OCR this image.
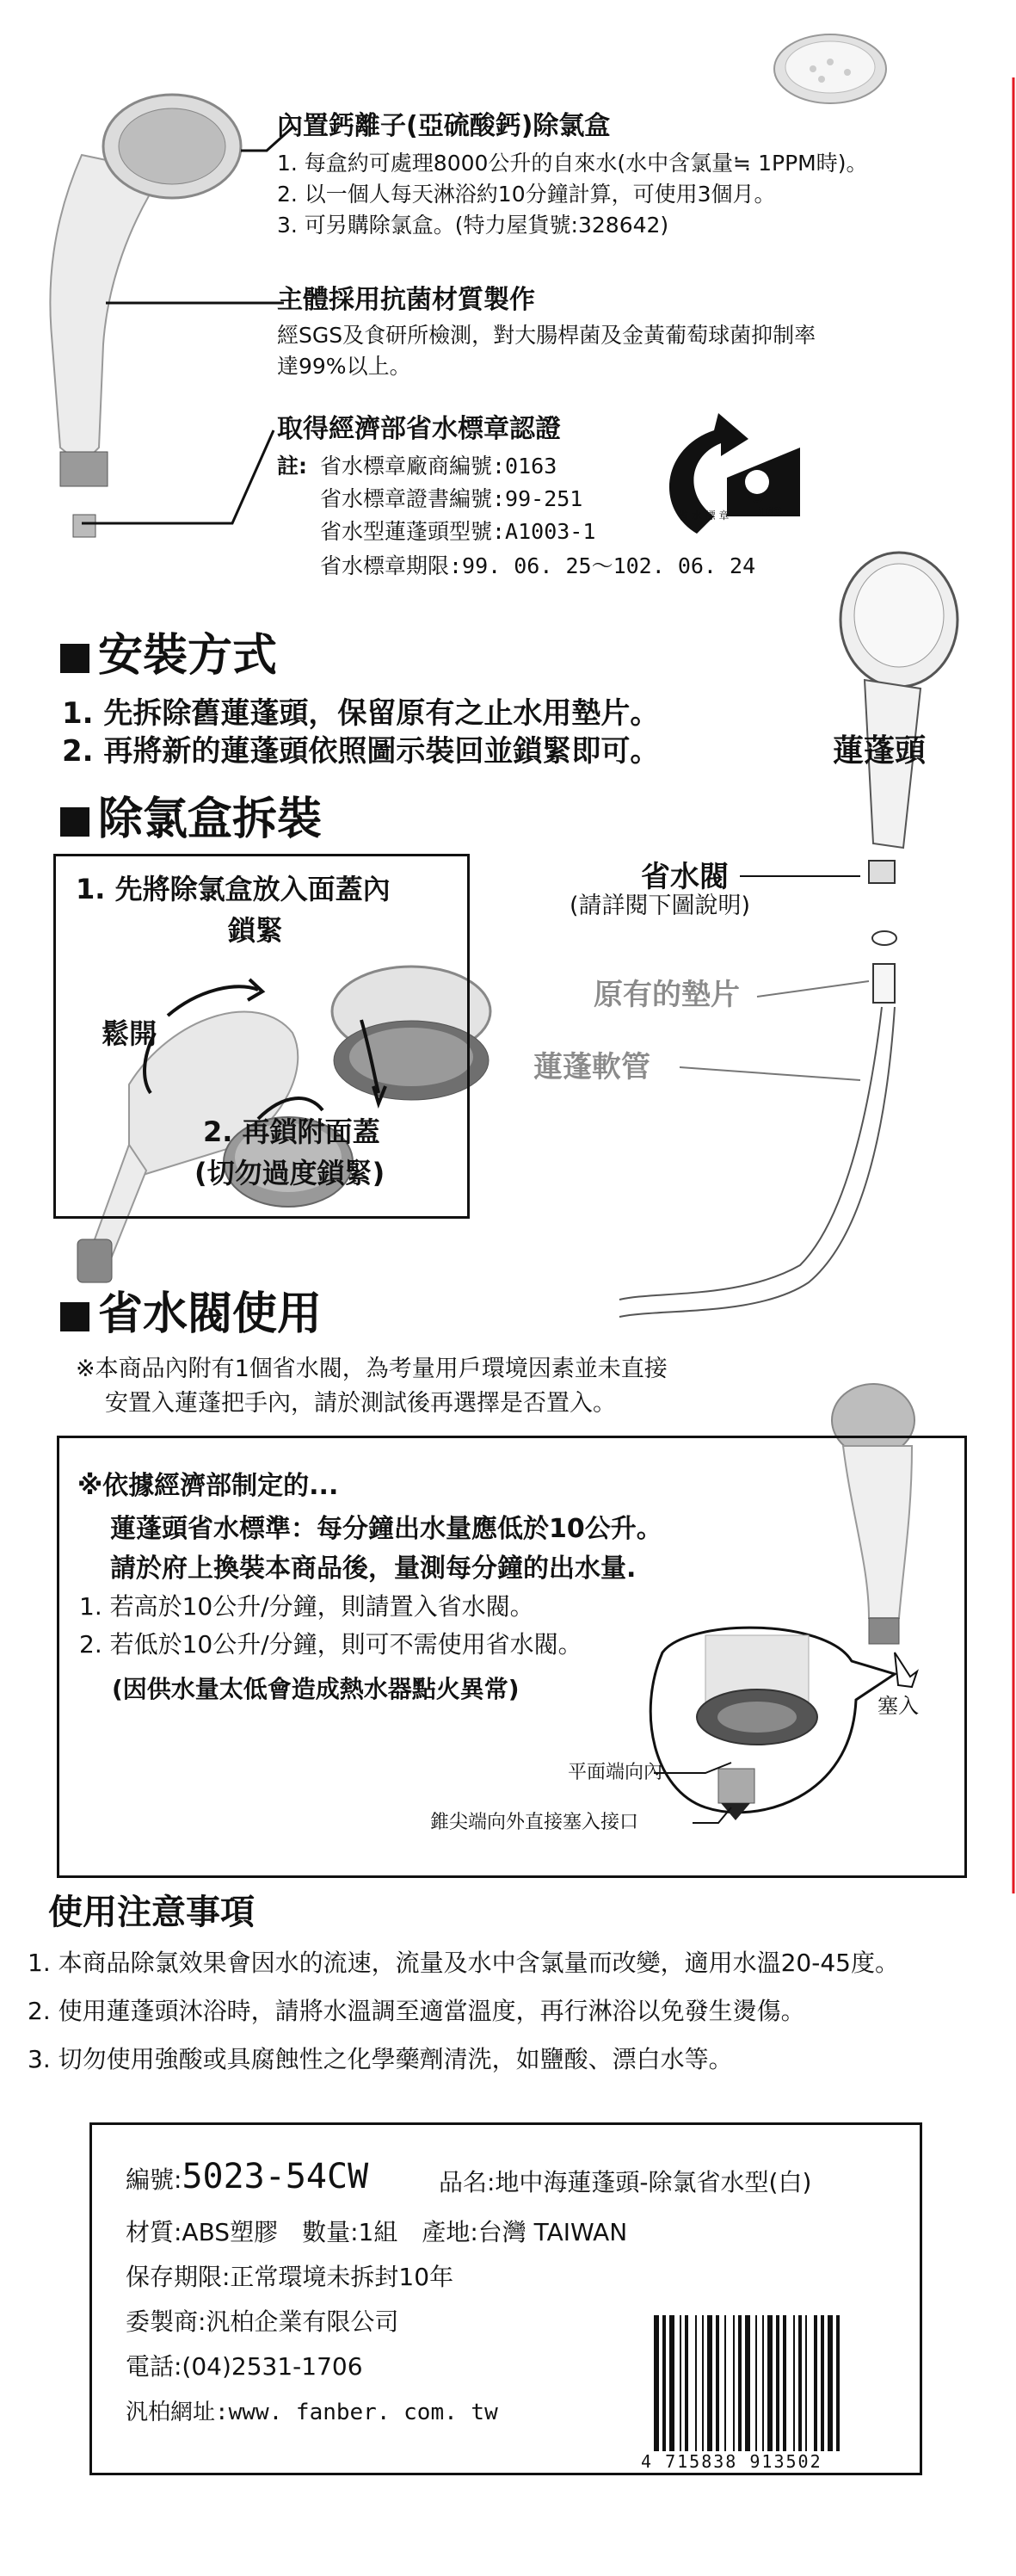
內置鈣離子(亞硫酸鈣)除氯盒
1. 每盒約可處理8000公升的自來水(水中含氯量≒ 1PPM時)。
2. 以一個人每天淋浴約10分鐘計算，可使用3個月。
3. 可另購除氯盒。(特力屋貨號:328642)
主體採用抗菌材質製作
經SGS及食研所檢測，對大腸桿菌及金黃葡萄球菌抑制率
達99%以上。
取得經濟部省水標章認證
註: 省水標章廠商編號:0163
省水標章證書編號:99-251
省水型蓮蓬頭型號:A1003-1
省水標章期限:99. 06. 25～102. 06. 24
省 水 標 章 163
安裝方式
1. 先拆除舊蓮蓬頭，保留原有之止水用墊片。
2. 再將新的蓮蓬頭依照圖示裝回並鎖緊即可。	蓮蓬頭
除氯盒拆裝
1. 先將除氯盒放入面蓋內
鎖緊
鬆開
2. 再鎖附面蓋
(切勿過度鎖緊)
省水閥
(請詳閱下圖說明)
原有的墊片
蓮蓬軟管
省水閥使用
※本商品內附有1個省水閥，為考量用戶環境因素並未直接
安置入蓮蓬把手內，請於測試後再選擇是否置入。
※依據經濟部制定的...
蓮蓬頭省水標準：每分鐘出水量應低於10公升。
請於府上換裝本商品後，量測每分鐘的出水量.
1. 若高於10公升/分鐘，則請置入省水閥。
2. 若低於10公升/分鐘，則可不需使用省水閥。
(因供水量太低會造成熱水器點火異常)
平面端向內
錐尖端向外直接塞入接口
塞入
使用注意事項
1. 本商品除氯效果會因水的流速，流量及水中含氯量而改變，適用水溫20-45度。
2. 使用蓮蓬頭沐浴時，請將水溫調至適當溫度，再行淋浴以免發生燙傷。
3. 切勿使用強酸或具腐蝕性之化學藥劑清洗，如鹽酸、漂白水等。
編號:5023-54CW	品名:地中海蓮蓬頭-除氯省水型(白)
材質:ABS塑膠　數量:1組　產地:台灣 TAIWAN
保存期限:正常環境未拆封10年
委製商:汎柏企業有限公司
電話:(04)2531-1706
汎柏網址:www. fanber. com. tw
4 715838 913502
